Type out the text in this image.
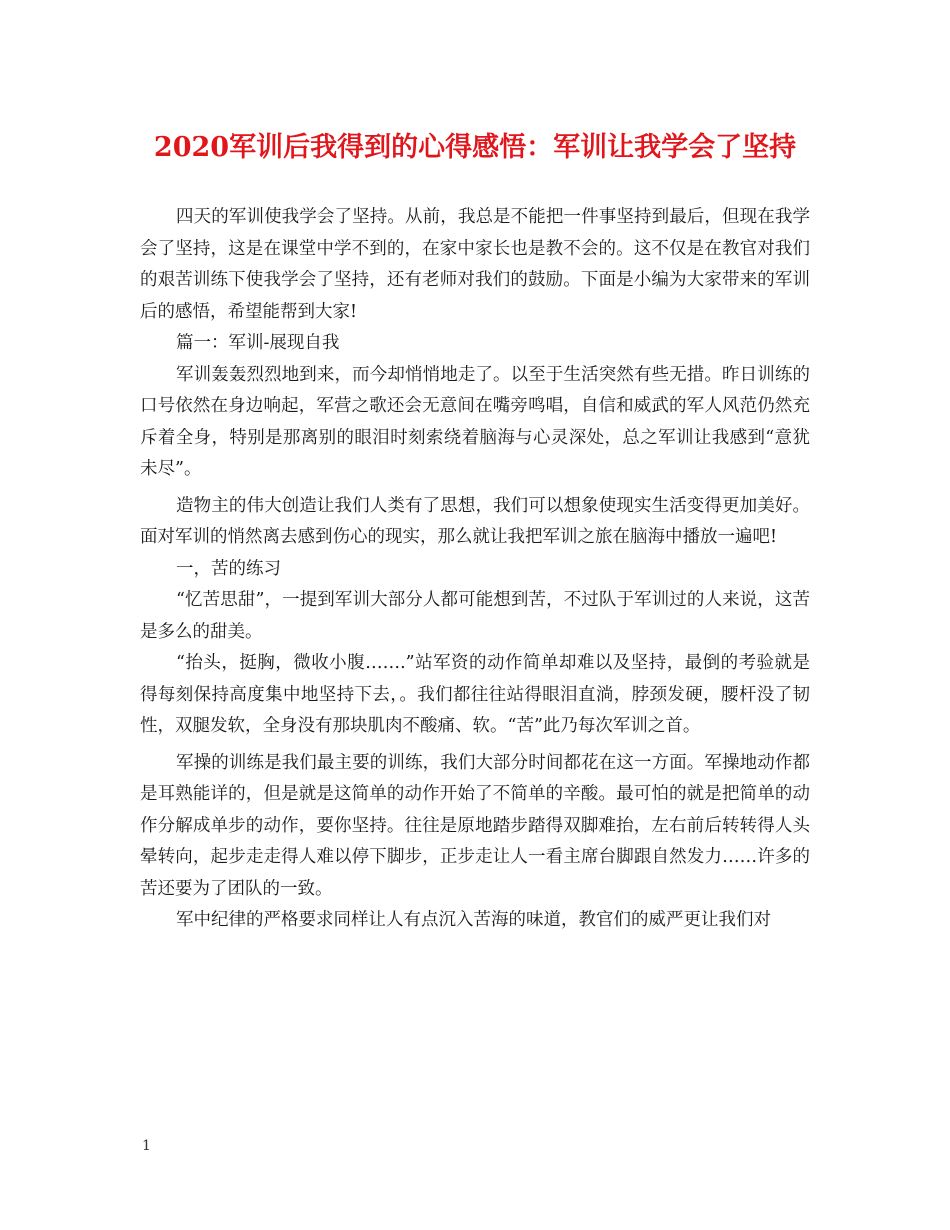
2020军训后我得到的心得感悟：军训让我学会了坚持

四天的军训使我学会了坚持。从前，我总是不能把一件事坚持到最后，但现在我学会了坚持，这是在课堂中学不到的，在家中家长也是教不会的。这不仅是在教官对我们的艰苦训练下使我学会了坚持，还有老师对我们的鼓励。下面是小编为大家带来的军训后的感悟，希望能帮到大家!

篇一：军训-展现自我

军训轰轰烈烈地到来，而今却悄悄地走了。以至于生活突然有些无措。昨日训练的口号依然在身边响起，军营之歌还会无意间在嘴旁鸣唱，自信和威武的军人风范仍然充斥着全身，特别是那离别的眼泪时刻索绕着脑海与心灵深处，总之军训让我感到“意犹未尽”。

造物主的伟大创造让我们人类有了思想，我们可以想象使现实生活变得更加美好。面对军训的悄然离去感到伤心的现实，那么就让我把军训之旅在脑海中播放一遍吧!

一，苦的练习

“忆苦思甜”，一提到军训大部分人都可能想到苦，不过队于军训过的人来说，这苦是多么的甜美。

“抬头，挺胸，微收小腹…….”站军资的动作简单却难以及坚持，最倒的考验就是得每刻保持高度集中地坚持下去，。我们都往往站得眼泪直淌，脖颈发硬，腰杆没了韧性，双腿发软，全身没有那块肌肉不酸痛、软。“苦”此乃每次军训之首。

军操的训练是我们最主要的训练，我们大部分时间都花在这一方面。军操地动作都是耳熟能详的，但是就是这简单的动作开始了不简单的辛酸。最可怕的就是把简单的动作分解成单步的动作，要你坚持。往往是原地踏步踏得双脚难抬，左右前后转转得人头晕转向，起步走走得人难以停下脚步，正步走让人一看主席台脚跟自然发力……许多的苦还要为了团队的一致。

军中纪律的严格要求同样让人有点沉入苦海的味道，教官们的威严更让我们对

1
